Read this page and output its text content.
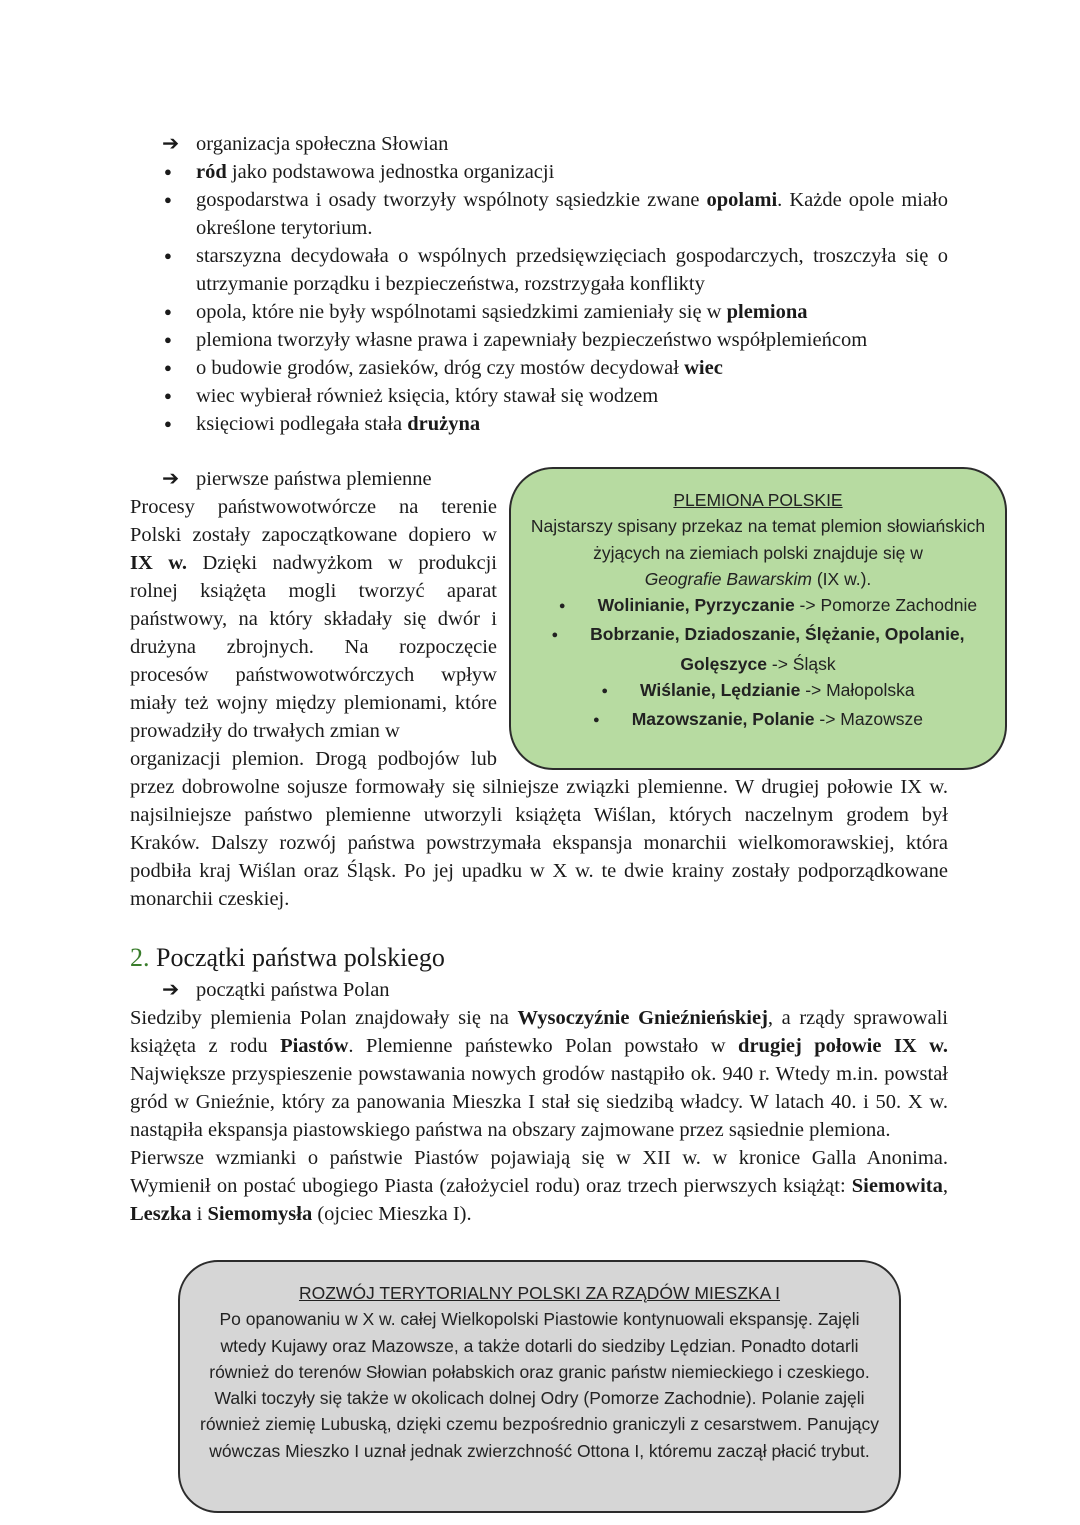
➔ organizacja społeczna Słowian
● ród jako podstawowa jednostka organizacji
● gospodarstwa i osady tworzyły wspólnoty sąsiedzkie zwane opolami. Każde opole miało określone terytorium.
● starszyzna decydowała o wspólnych przedsięwzięciach gospodarczych, troszczyła się o utrzymanie porządku i bezpieczeństwa, rozstrzygała konflikty
● opola, które nie były wspólnotami sąsiedzkimi zamieniały się w plemiona
● plemiona tworzyły własne prawa i zapewniały bezpieczeństwo współplemieńcom
● o budowie grodów, zasieków, dróg czy mostów decydował wiec
● wiec wybierał również księcia, który stawał się wodzem
● księciowi podlegała stała drużyna
➔ pierwsze państwa plemienne
Procesy państwowotwórcze na terenie Polski zostały zapoczątkowane dopiero w IX w. Dzięki nadwyżkom w produkcji rolnej książęta mogli tworzyć aparat państwowy, na który składały się dwór i drużyna zbrojnych. Na rozpoczęcie procesów państwowotwórczych wpływ miały też wojny między plemionami, które prowadziły do trwałych zmian w
organizacji plemion. Drogą podbojów lub
PLEMIONA POLSKIE
Najstarszy spisany przekaz na temat plemion słowiańskich żyjących na ziemiach polski znajduje się w
Geografie Bawarskim (IX w.).
● Wolinianie, Pyrzyczanie -> Pomorze Zachodnie
● Bobrzanie, Dziadoszanie, Ślężanie, Opolanie, Golęszyce -> Śląsk
● Wiślanie, Lędzianie -> Małopolska
● Mazowszanie, Polanie -> Mazowsze
przez dobrowolne sojusze formowały się silniejsze związki plemienne. W drugiej połowie IX w. najsilniejsze państwo plemienne utworzyli książęta Wiślan, których naczelnym grodem był Kraków. Dalszy rozwój państwa powstrzymała ekspansja monarchii wielkomorawskiej, która podbiła kraj Wiślan oraz Śląsk. Po jej upadku w X w. te dwie krainy zostały podporządkowane monarchii czeskiej.
2. Początki państwa polskiego
➔ początki państwa Polan
Siedziby plemienia Polan znajdowały się na Wysoczyźnie Gnieźnieńskiej, a rządy sprawowali książęta z rodu Piastów. Plemienne państewko Polan powstało w drugiej połowie IX w. Największe przyspieszenie powstawania nowych grodów nastąpiło ok. 940 r. Wtedy m.in. powstał gród w Gnieźnie, który za panowania Mieszka I stał się siedzibą władcy. W latach 40. i 50. X w. nastąpiła ekspansja piastowskiego państwa na obszary zajmowane przez sąsiednie plemiona.
Pierwsze wzmianki o państwie Piastów pojawiają się w XII w. w kronice Galla Anonima. Wymienił on postać ubogiego Piasta (założyciel rodu) oraz trzech pierwszych książąt: Siemowita, Leszka i Siemomysła (ojciec Mieszka I).
ROZWÓJ TERYTORIALNY POLSKI ZA RZĄDÓW MIESZKA I
Po opanowaniu w X w. całej Wielkopolski Piastowie kontynuowali ekspansję. Zajęli wtedy Kujawy oraz Mazowsze, a także dotarli do siedziby Lędzian. Ponadto dotarli również do terenów Słowian połabskich oraz granic państw niemieckiego i czeskiego. Walki toczyły się także w okolicach dolnej Odry (Pomorze Zachodnie). Polanie zajęli również ziemię Lubuską, dzięki czemu bezpośrednio graniczyli z cesarstwem. Panujący wówczas Mieszko I uznał jednak zwierzchność Ottona I, któremu zaczął płacić trybut.
